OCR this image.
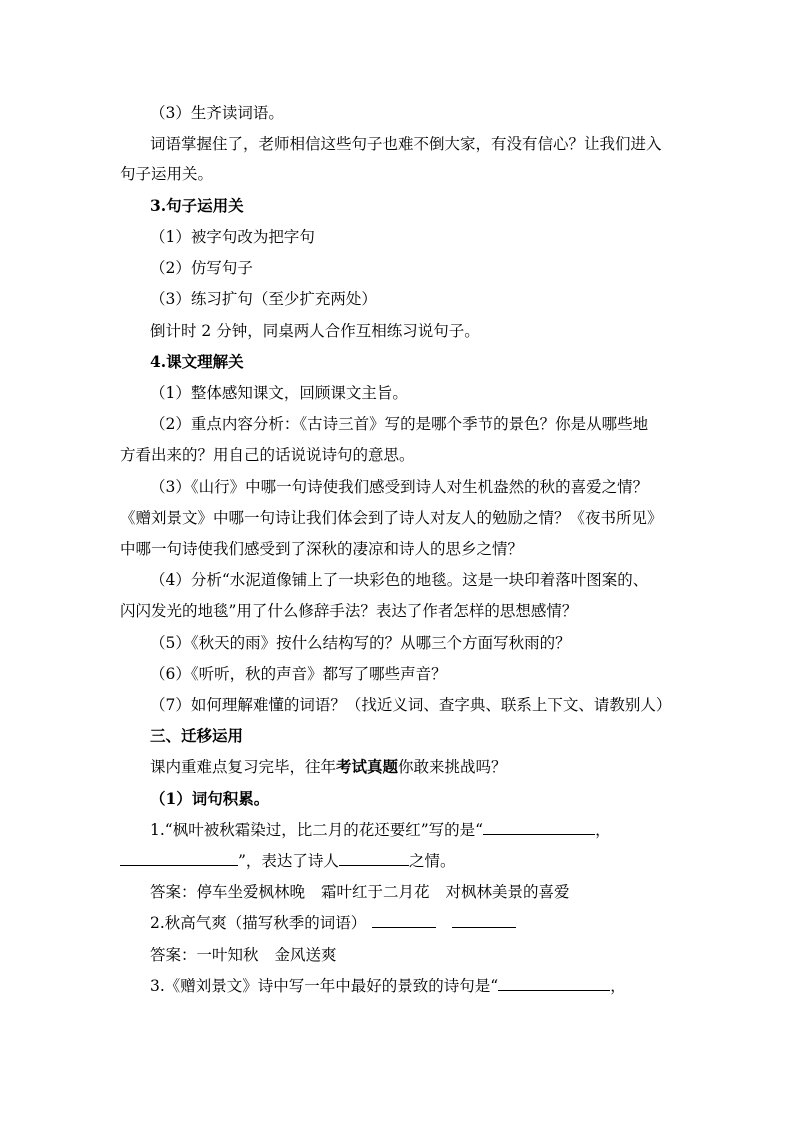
（3）生齐读词语。
词语掌握住了，老师相信这些句子也难不倒大家，有没有信心？让我们进入
句子运用关。
3.句子运用关
（1）被字句改为把字句
（2）仿写句子
（3）练习扩句（至少扩充两处）
倒计时 2 分钟，同桌两人合作互相练习说句子。
4.课文理解关
（1）整体感知课文，回顾课文主旨。
（2）重点内容分析：《古诗三首》写的是哪个季节的景色？你是从哪些地
方看出来的？用自己的话说说诗句的意思。
（3）《山行》中哪一句诗使我们感受到诗人对生机盎然的秋的喜爱之情？
《赠刘景文》中哪一句诗让我们体会到了诗人对友人的勉励之情？《夜书所见》
中哪一句诗使我们感受到了深秋的凄凉和诗人的思乡之情？
（4）分析“水泥道像铺上了一块彩色的地毯。这是一块印着落叶图案的、
闪闪发光的地毯”用了什么修辞手法？表达了作者怎样的思想感情？
（5）《秋天的雨》按什么结构写的？从哪三个方面写秋雨的？
（6）《听听，秋的声音》都写了哪些声音？
（7）如何理解难懂的词语？（找近义词、查字典、联系上下文、请教别人）
三、迁移运用
课内重难点复习完毕，往年考试真题你敢来挑战吗？
（1）词句积累。
1.“枫叶被秋霜染过，比二月的花还要红”写的是“	，
”，表达了诗人	之情。
答案：停车坐爱枫林晚 霜叶红于二月花 对枫林美景的喜爱
2.秋高气爽（描写秋季的词语）
答案：一叶知秋 金风送爽
3.《赠刘景文》诗中写一年中最好的景致的诗句是“	，
